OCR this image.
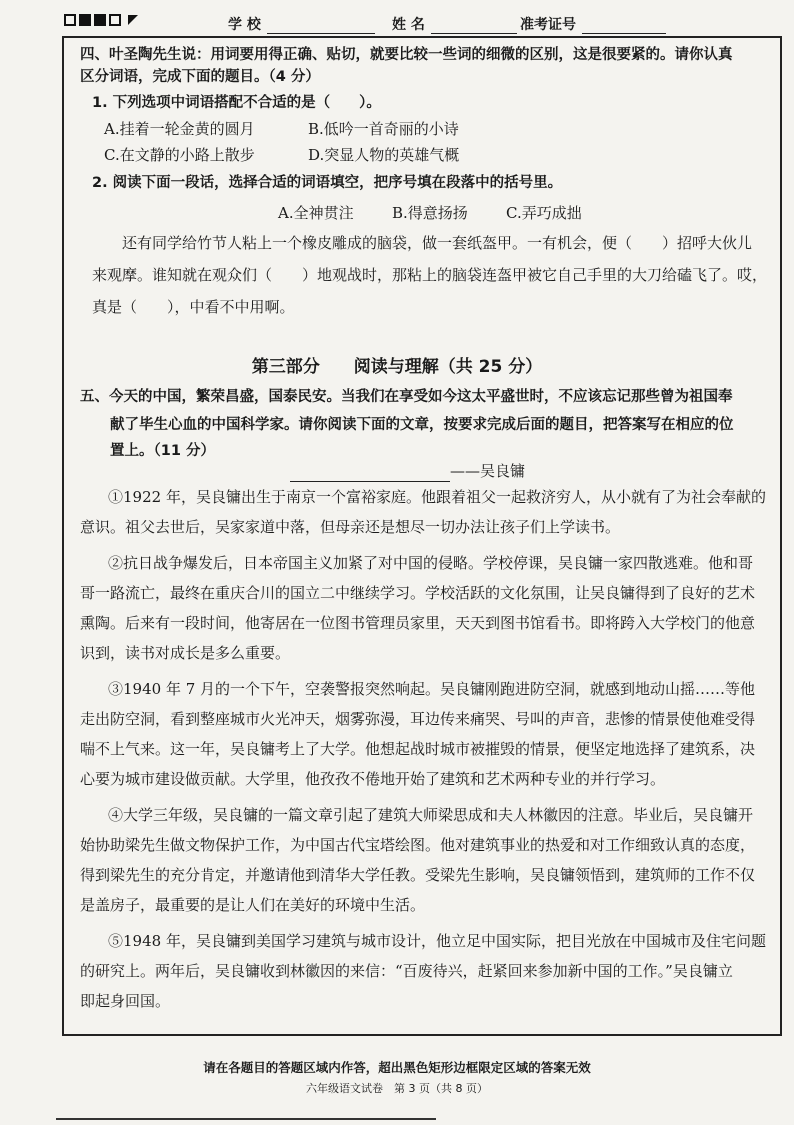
学 校	姓 名	准考证号
四、叶圣陶先生说：用词要用得正确、贴切，就要比较一些词的细微的区别，这是很要紧的。请你认真
区分词语，完成下面的题目。（4 分）
1. 下列选项中词语搭配不合适的是（　　）。
A.挂着一轮金黄的圆月	B.低吟一首奇丽的小诗
C.在文静的小路上散步	D.突显人物的英雄气概
2. 阅读下面一段话，选择合适的词语填空，把序号填在段落中的括号里。
A.全神贯注	B.得意扬扬	C.弄巧成拙
还有同学给竹节人粘上一个橡皮雕成的脑袋，做一套纸盔甲。一有机会，便（　　）招呼大伙儿
来观摩。谁知就在观众们（　　）地观战时，那粘上的脑袋连盔甲被它自己手里的大刀给磕飞了。哎，
真是（　　），中看不中用啊。
第三部分　　阅读与理解（共 25 分）
五、今天的中国，繁荣昌盛，国泰民安。当我们在享受如今这太平盛世时，不应该忘记那些曾为祖国奉
献了毕生心血的中国科学家。请你阅读下面的文章，按要求完成后面的题目，把答案写在相应的位
置上。（11 分）
——吴良镛
①1922 年，吴良镛出生于南京一个富裕家庭。他跟着祖父一起救济穷人，从小就有了为社会奉献的
意识。祖父去世后，吴家家道中落，但母亲还是想尽一切办法让孩子们上学读书。
②抗日战争爆发后，日本帝国主义加紧了对中国的侵略。学校停课，吴良镛一家四散逃难。他和哥
哥一路流亡，最终在重庆合川的国立二中继续学习。学校活跃的文化氛围，让吴良镛得到了良好的艺术
熏陶。后来有一段时间，他寄居在一位图书管理员家里，天天到图书馆看书。即将跨入大学校门的他意
识到，读书对成长是多么重要。
③1940 年 7 月的一个下午，空袭警报突然响起。吴良镛刚跑进防空洞，就感到地动山摇……等他
走出防空洞，看到整座城市火光冲天，烟雾弥漫，耳边传来痛哭、号叫的声音，悲惨的情景使他难受得
喘不上气来。这一年，吴良镛考上了大学。他想起战时城市被摧毁的情景，便坚定地选择了建筑系，决
心要为城市建设做贡献。大学里，他孜孜不倦地开始了建筑和艺术两种专业的并行学习。
④大学三年级，吴良镛的一篇文章引起了建筑大师梁思成和夫人林徽因的注意。毕业后，吴良镛开
始协助梁先生做文物保护工作，为中国古代宝塔绘图。他对建筑事业的热爱和对工作细致认真的态度，
得到梁先生的充分肯定，并邀请他到清华大学任教。受梁先生影响，吴良镛领悟到，建筑师的工作不仅
是盖房子，最重要的是让人们在美好的环境中生活。
⑤1948 年，吴良镛到美国学习建筑与城市设计，他立足中国实际，把目光放在中国城市及住宅问题
的研究上。两年后，吴良镛收到林徽因的来信：“百废待兴，赶紧回来参加新中国的工作。”吴良镛立
即起身回国。
请在各题目的答题区域内作答，超出黑色矩形边框限定区域的答案无效
六年级语文试卷　第 3 页（共 8 页）
